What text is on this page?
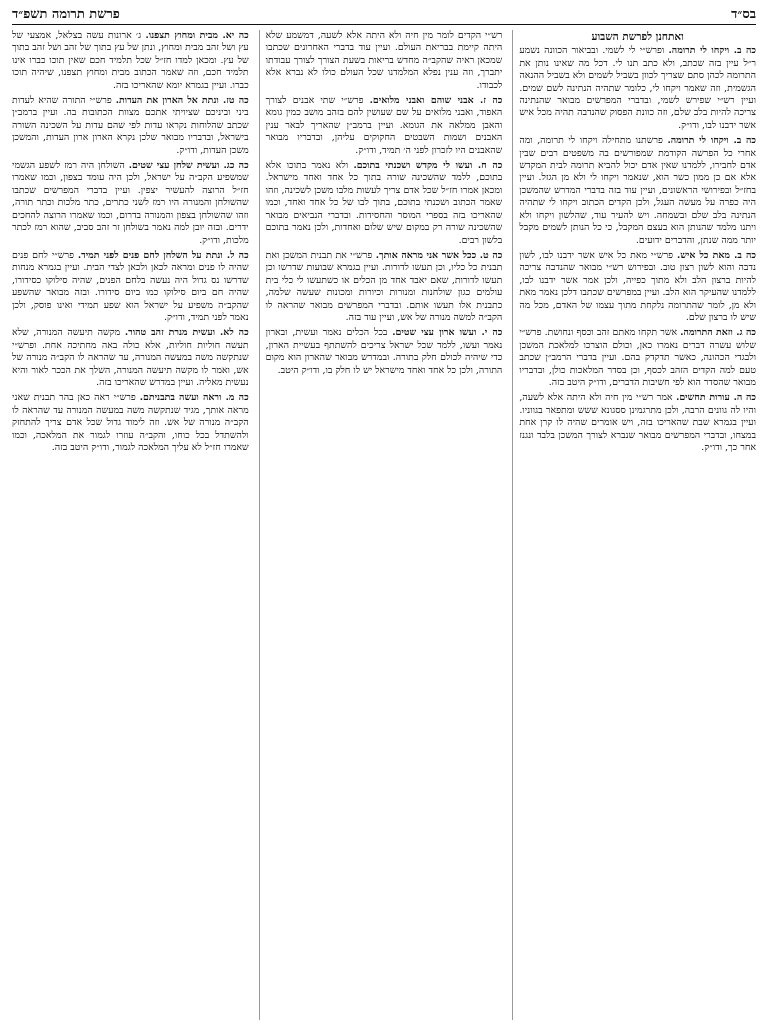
בס״ד
פרשת תרומה תשפ״ד
ואתחנן לפרשת השבוע

כה ב. ויקחו לי תרומה. ופרש״י לי לשמי. ובביאור הכוונה נשמע ר״ל עיין בזה שכתב, ולא כתב תנו לי. דכל מה שאינו נותן את התרומה לכהן סתם שצריך לכוון בשביל לשמים ולא בשביל ההנאה הגשמית, וזה שאמר ויקחו לי, כלומר שתהיה הנתינה לשם שמים. ועיין רש״י שפירש לשמי, ובדברי המפרשים מבואר שהנתינה צריכה להיות בלב שלם, וזה כוונת הפסוק שהנדבה תהיה מכל איש אשר ידבנו לבו, ודו״ק.

כה ב. ויקחו לי תרומה. פרשתנו מתחילה ויקחו לי תרומה, ומה אחרי כל הפרשה הקודמת שמפורשים בה משפטים רבים שבין אדם לחבירו, ללמדנו שאין אדם יכול להביא תרומה לבית המקדש אלא אם כן ממון כשר הוא, שנאמר ויקחו לי ולא מן הגזל. ועיין בחז״ל ובפירושי הראשונים, ועיין עוד בזה בדברי המדרש שהמשכן היה כפרה על מעשה העגל, ולכן הקדים הכתוב ויקחו לי שתהיה הנתינה בלב שלם ובשמחה. ויש להעיר עוד, שהלשון ויקחו ולא ויתנו מלמד שהנותן הוא בעצם המקבל, כי כל הנותן לשמים מקבל יותר ממה שנתן, והדברים ידועים.

כה ב. מאת כל איש. פרש״י מאת כל איש אשר ידבנו לבו, לשון נדבה והוא לשון רצון טוב. ובפירוש רש״י מבואר שהנדבה צריכה להיות ברצון הלב ולא מתוך כפייה, ולכן אמר אשר ידבנו לבו, ללמדנו שהעיקר הוא הלב. ועיין במפרשים שכתבו דלכן נאמר מאת ולא מן, לומר שהתרומה נלקחת מתוך עצמו של האדם, מכל מה שיש לו ברצון שלם.

כה ג. וזאת התרומה. אשר תקחו מאתם זהב וכסף ונחושת. פרש״י שלוש עשרה דברים נאמרו כאן, וכולם הוצרכו למלאכת המשכן ולבגדי הכהונה, כאשר תדקדק בהם. ועיין בדברי הרמב״ן שכתב טעם למה הקדים הזהב לכסף, וכן בסדר המלאכות כולן, ובדבריו מבואר שהסדר הוא לפי חשיבות הדברים, ודו״ק היטב בזה.

כה ה. עורות תחשים. אמר רש״י מין חיה ולא היתה אלא לשעה, והיו לה גוונים הרבה, ולכן מתרגמינן ססגונא ששש ומתפאר בגווניו. ועיין בגמרא שבת שהאריכו בזה, ויש אומרים שהיה לו קרן אחת במצחו, ובדברי המפרשים מבואר שנברא לצורך המשכן בלבד ונגנז אחר כך, ודו״ק.

רש״י הקדים לומר מין חיה ולא היתה אלא לשעה, דמשמע שלא היתה קיימת בבריאת העולם. ועיין עוד בדברי האחרונים שכתבו שמכאן ראיה שהקב״ה מחדש בריאות בשעת הצורך לצורך עבודתו יתברך, וזה ענין נפלא המלמדנו שכל העולם כולו לא נברא אלא לכבודו.

כה ז. אבני שוהם ואבני מלואים. פרש״י שתי אבנים לצורך האפוד, ואבני מלואים על שם שעושין להם בזהב מושב כמין גומא והאבן ממלאה את הגומא. ועיין ברמב״ן שהאריך לבאר ענין האבנים ושמות השבטים החקוקים עליהן, ובדבריו מבואר שהאבנים היו לזכרון לפני ה׳ תמיד, ודו״ק.

כה ח. ועשו לי מקדש ושכנתי בתוכם. ולא נאמר בתוכו אלא בתוכם, ללמד שהשכינה שורה בתוך כל אחד ואחד מישראל. ומכאן אמרו חז״ל שכל אדם צריך לעשות מלבו משכן לשכינה, וזהו שאמר הכתוב ושכנתי בתוכם, בתוך לבו של כל אחד ואחד, וכמו שהאריכו בזה בספרי המוסר והחסידות. ובדברי הנביאים מבואר שהשכינה שורה רק במקום שיש שלום ואחדות, ולכן נאמר בתוכם בלשון רבים.

כה ט. ככל אשר אני מראה אותך. פרש״י את תבנית המשכן ואת תבנית כל כליו, וכן תעשו לדורות. ועיין בגמרא שבועות שדרשו וכן תעשו לדורות, שאם יאבד אחד מן הכלים או כשתעשו לי כלי בית עולמים כגון שולחנות ומנורות וכיורות ומכונות שעשה שלמה, כתבנית אלו תעשו אותם. ובדברי המפרשים מבואר שהראה לו הקב״ה למשה מנורה של אש, ועיין עוד בזה.

כה י. ועשו ארון עצי שטים. בכל הכלים נאמר ועשית, ובארון נאמר ועשו, ללמד שכל ישראל צריכים להשתתף בעשיית הארון, כדי שיהיה לכולם חלק בתורה. ובמדרש מבואר שהארון הוא מקום התורה, ולכן כל אחד ואחד מישראל יש לו חלק בו, ודו״ק היטב.

כה יא. מבית ומחוץ תצפנו. ג׳ ארונות עשה בצלאל, אמצעי של עץ ושל זהב מבית ומחוץ, ונתן של עץ בתוך של זהב ושל זהב בתוך של עץ. ומכאן למדו חז״ל שכל תלמיד חכם שאין תוכו כברו אינו תלמיד חכם, וזה שאמר הכתוב מבית ומחוץ תצפנו, שיהיה תוכו כברו. ועיין בגמרא יומא שהאריכו בזה.

כה טז. ונתת אל הארון את העדות. פרש״י התורה שהיא לעדות ביני וביניכם שציויתי אתכם מצוות הכתובות בה. ועיין ברמב״ן שכתב שהלוחות נקראו עדות לפי שהם עדות על השכינה השורה בישראל, ובדבריו מבואר שלכן נקרא הארון ארון העדות, והמשכן משכן העדות, ודו״ק.

כה כג. ועשית שלחן עצי שטים. השולחן היה רמז לשפע הגשמי שמשפיע הקב״ה על ישראל, ולכן היה עומד בצפון, וכמו שאמרו חז״ל הרוצה להעשיר יצפין. ועיין בדברי המפרשים שכתבו שהשולחן והמנורה היו רמז לשני כתרים, כתר מלכות וכתר תורה, וזהו שהשולחן בצפון והמנורה בדרום, וכמו שאמרו הרוצה להחכים ידרים. ובזה יובן למה נאמר בשולחן זר זהב סביב, שהוא רמז לכתר מלכות, ודו״ק.

כה ל. ונתת על השלחן לחם פנים לפני תמיד. פרש״י לחם פנים שהיה לו פנים ומראה לכאן ולכאן לצדי הבית. ועיין בגמרא מנחות שדרשו נס גדול היה נעשה בלחם הפנים, שהיה סילוקו כסידורו, שהיה חם ביום סילוקו כמו ביום סידורו. ובזה מבואר שהשפע שהקב״ה משפיע על ישראל הוא שפע תמידי ואינו פוסק, ולכן נאמר לפני תמיד, ודו״ק.

כה לא. ועשית מנרת זהב טהור. מקשה תיעשה המנורה, שלא תעשה חוליות חוליות, אלא כולה באה מחתיכה אחת. ופרש״י שנתקשה משה במעשה המנורה, עד שהראה לו הקב״ה מנורה של אש, ואמר לו מקשה תיעשה המנורה, השלך את הככר לאור והיא נעשית מאליה. ועיין במדרש שהאריכו בזה.

כה מ. וראה ועשה בתבניתם. פרש״י ראה כאן בהר תבנית שאני מראה אותך, מגיד שנתקשה משה במעשה המנורה עד שהראה לו הקב״ה מנורה של אש. וזה לימוד גדול שכל אדם צריך להתחזק ולהשתדל בכל כוחו, והקב״ה עוזרו לגמור את המלאכה, וכמו שאמרו חז״ל לא עליך המלאכה לגמור, ודו״ק היטב בזה.
